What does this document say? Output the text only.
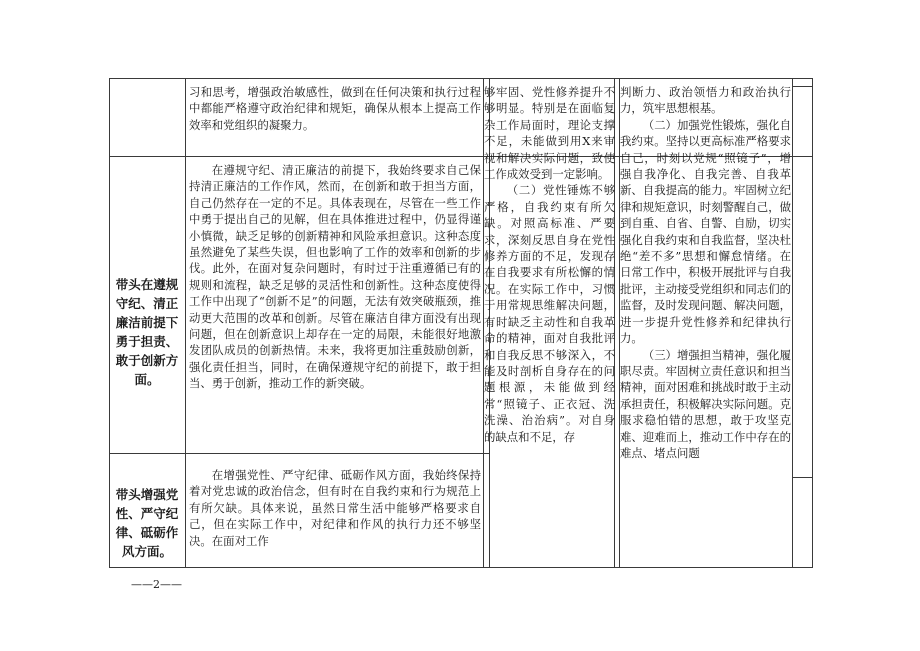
习和思考，增强政治敏感性，做到在任何决策和执行过程中都能严格遵守政治纪律和规矩，确保从根本上提高工作效率和党组织的凝聚力。
够牢固、党性修养提升不够明显。特别是在面临复杂工作局面时，理论支撑不足，未能做到用X来审视和解决实际问题，致使工作成效受到一定影响。
（二）党性锤炼不够严格，自我约束有所欠缺。对照高标准、严要求，深刻反思自身在党性修养方面的不足，发现存在自我要求有所松懈的情况。在实际工作中，习惯于用常规思维解决问题，有时缺乏主动性和自我革命的精神，面对自我批评和自我反思不够深入，不能及时剖析自身存在的问题根源，未能做到经常“照镜子、正衣冠、洗洗澡、治治病”。对自身的缺点和不足，存
判断力、政治领悟力和政治执行力，筑牢思想根基。
（二）加强党性锻炼，强化自我约束。坚持以更高标准严格要求自己，时刻以党规“照镜子”，增强自我净化、自我完善、自我革新、自我提高的能力。牢固树立纪律和规矩意识，时刻警醒自己，做到自重、自省、自警、自励，切实强化自我约束和自我监督，坚决杜绝“差不多”思想和懈怠情绪。在日常工作中，积极开展批评与自我批评，主动接受党组织和同志们的监督，及时发现问题、解决问题，进一步提升党性修养和纪律执行力。
（三）增强担当精神，强化履职尽责。牢固树立责任意识和担当精神，面对困难和挑战时敢于主动承担责任，积极解决实际问题。克服求稳怕错的思想，敢于攻坚克难、迎难而上，推动工作中存在的难点、堵点问题
带头在遵规守纪、清正廉洁前提下勇于担责、敢于创新方面。
在遵规守纪、清正廉洁的前提下，我始终要求自己保持清正廉洁的工作作风，然而，在创新和敢于担当方面，自己仍然存在一定的不足。具体表现在，尽管在一些工作中勇于提出自己的见解，但在具体推进过程中，仍显得谨小慎微，缺乏足够的创新精神和风险承担意识。这种态度虽然避免了某些失误，但也影响了工作的效率和创新的步伐。此外，在面对复杂问题时，有时过于注重遵循已有的规则和流程，缺乏足够的灵活性和创新性。这种态度使得工作中出现了“创新不足”的问题，无法有效突破瓶颈，推动更大范围的改革和创新。尽管在廉洁自律方面没有出现问题，但在创新意识上却存在一定的局限，未能很好地激发团队成员的创新热情。未来，我将更加注重鼓励创新，强化责任担当，同时，在确保遵规守纪的前提下，敢于担当、勇于创新，推动工作的新突破。
带头增强党性、严守纪律、砥砺作风方面。
在增强党性、严守纪律、砥砺作风方面，我始终保持着对党忠诚的政治信念，但有时在自我约束和行为规范上有所欠缺。具体来说，虽然日常生活中能够严格要求自己，但在实际工作中，对纪律和作风的执行力还不够坚决。在面对工作
——2——
